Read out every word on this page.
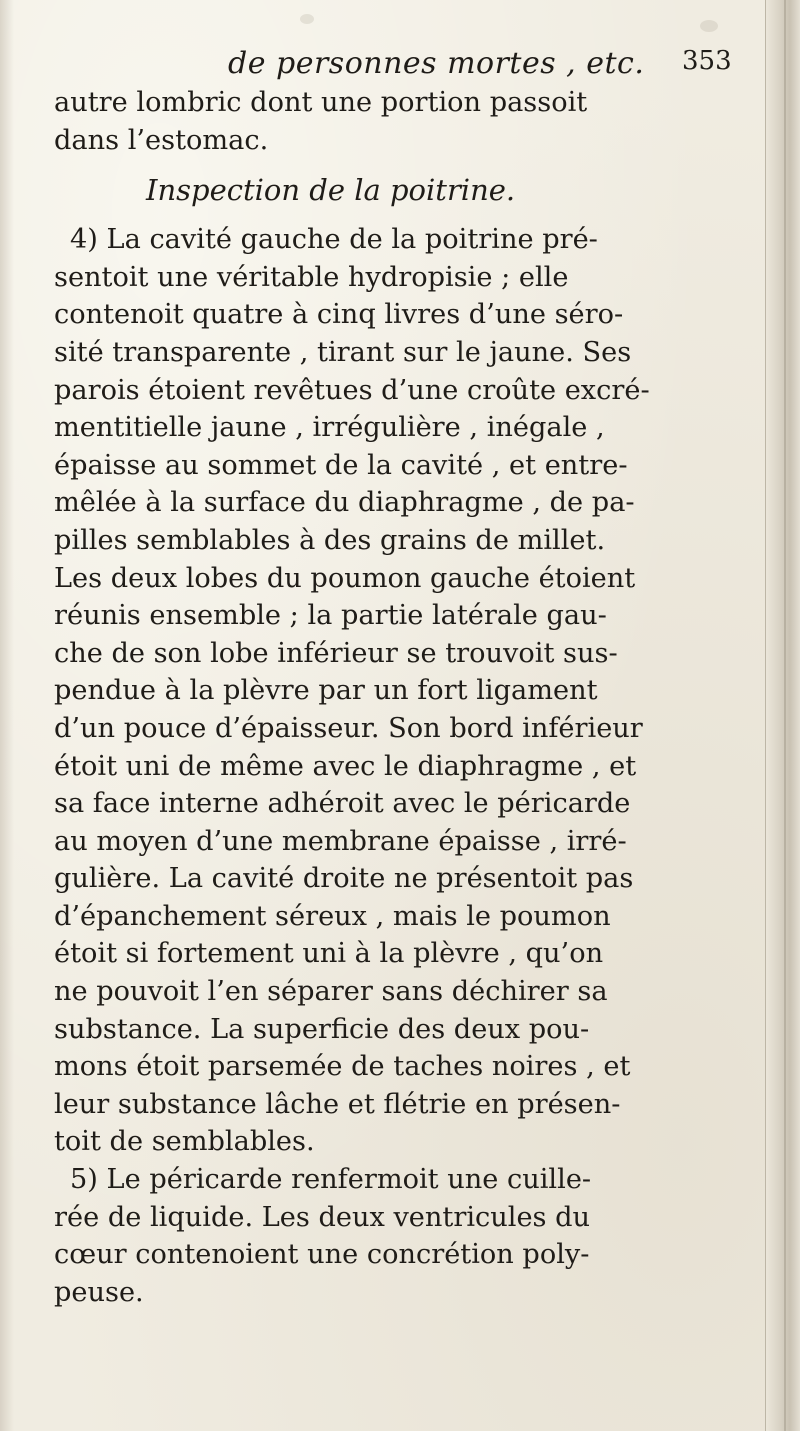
de personnes mortes , etc. 353
autre lombric dont une portion passoit
dans l’estomac.
Inspection de la poitrine.
4) La cavité gauche de la poitrine pré-
sentoit une véritable hydropisie ; elle
contenoit quatre à cinq livres d’une séro-
sité transparente , tirant sur le jaune. Ses
parois étoient revêtues d’une croûte excré-
mentitielle jaune , irrégulière , inégale ,
épaisse au sommet de la cavité , et entre-
mêlée à la surface du diaphragme , de pa-
pilles semblables à des grains de millet.
Les deux lobes du poumon gauche étoient
réunis ensemble ; la partie latérale gau-
che de son lobe inférieur se trouvoit sus-
pendue à la plèvre par un fort ligament
d’un pouce d’épaisseur. Son bord inférieur
étoit uni de même avec le diaphragme , et
sa face interne adhéroit avec le péricarde
au moyen d’une membrane épaisse , irré-
gulière. La cavité droite ne présentoit pas
d’épanchement séreux , mais le poumon
étoit si fortement uni à la plèvre , qu’on
ne pouvoit l’en séparer sans déchirer sa
substance. La superficie des deux pou-
mons étoit parsemée de taches noires , et
leur substance lâche et flétrie en présen-
toit de semblables.
5) Le péricarde renfermoit une cuille-
rée de liquide. Les deux ventricules du
cœur contenoient une concrétion poly-
peuse.
